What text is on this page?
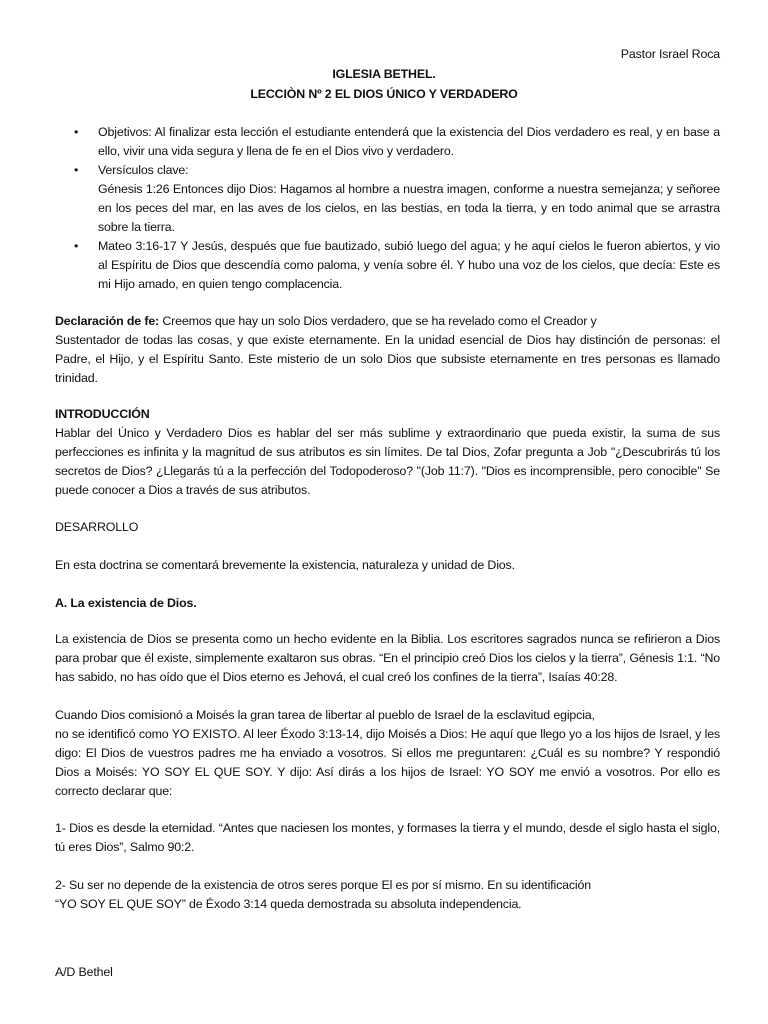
Pastor Israel Roca
IGLESIA BETHEL.
LECCIÒN Nº 2 EL DIOS ÚNICO Y VERDADERO
• Objetivos: Al finalizar esta lección el estudiante entenderá que la existencia del Dios verdadero es real, y en base a ello, vivir una vida segura y llena de fe en el Dios vivo y verdadero.
• Versículos clave:
Génesis 1:26 Entonces dijo Dios: Hagamos al hombre a nuestra imagen, conforme a nuestra semejanza; y señoree en los peces del mar, en las aves de los cielos, en las bestias, en toda la tierra, y en todo animal que se arrastra sobre la tierra.
• Mateo 3:16-17 Y Jesús, después que fue bautizado, subió luego del agua; y he aquí cielos le fueron abiertos, y vio al Espíritu de Dios que descendía como paloma, y venía sobre él. Y hubo una voz de los cielos, que decía: Este es mi Hijo amado, en quien tengo complacencia.
Declaración de fe: Creemos que hay un solo Dios verdadero, que se ha revelado como el Creador y
Sustentador de todas las cosas, y que existe eternamente. En la unidad esencial de Dios hay distinción de personas: el Padre, el Hijo, y el Espíritu Santo. Este misterio de un solo Dios que subsiste eternamente en tres personas es llamado trinidad.
INTRODUCCIÓN
Hablar del Único y Verdadero Dios es hablar del ser más sublime y extraordinario que pueda existir, la suma de sus perfecciones es infinita y la magnitud de sus atributos es sin límites. De tal Dios, Zofar pregunta a Job "¿Descubrirás tú los secretos de Dios? ¿Llegarás tú a la perfección del Todopoderoso? "(Job 11:7). "Dios es incomprensible, pero conocible" Se puede conocer a Dios a través de sus atributos.
DESARROLLO
En esta doctrina se comentará brevemente la existencia, naturaleza y unidad de Dios.
A. La existencia de Dios.
La existencia de Dios se presenta como un hecho evidente en la Biblia. Los escritores sagrados nunca se refirieron a Dios para probar que él existe, simplemente exaltaron sus obras. “En el principio creó Dios los cielos y la tierra”, Génesis 1:1. “No has sabido, no has oído que el Dios eterno es Jehová, el cual creó los confines de la tierra”, Isaías 40:28.
Cuando Dios comisionó a Moisés la gran tarea de libertar al pueblo de Israel de la esclavitud egipcia,
no se identificó como YO EXISTO. Al leer Éxodo 3:13-14, dijo Moisés a Dios: He aquí que llego yo a los hijos de Israel, y les digo: El Dios de vuestros padres me ha enviado a vosotros. Si ellos me preguntaren: ¿Cuál es su nombre? Y respondió Dios a Moisés: YO SOY EL QUE SOY. Y dijo: Así dirás a los hijos de Israel: YO SOY me envió a vosotros. Por ello es correcto declarar que:
1- Dios es desde la eternidad. “Antes que naciesen los montes, y formases la tierra y el mundo, desde el siglo hasta el siglo, tú eres Dios”, Salmo 90:2.
2- Su ser no depende de la existencia de otros seres porque El es por sí mismo. En su identificación
“YO SOY EL QUE SOY” de Éxodo 3:14 queda demostrada su absoluta independencia.
A/D Bethel
